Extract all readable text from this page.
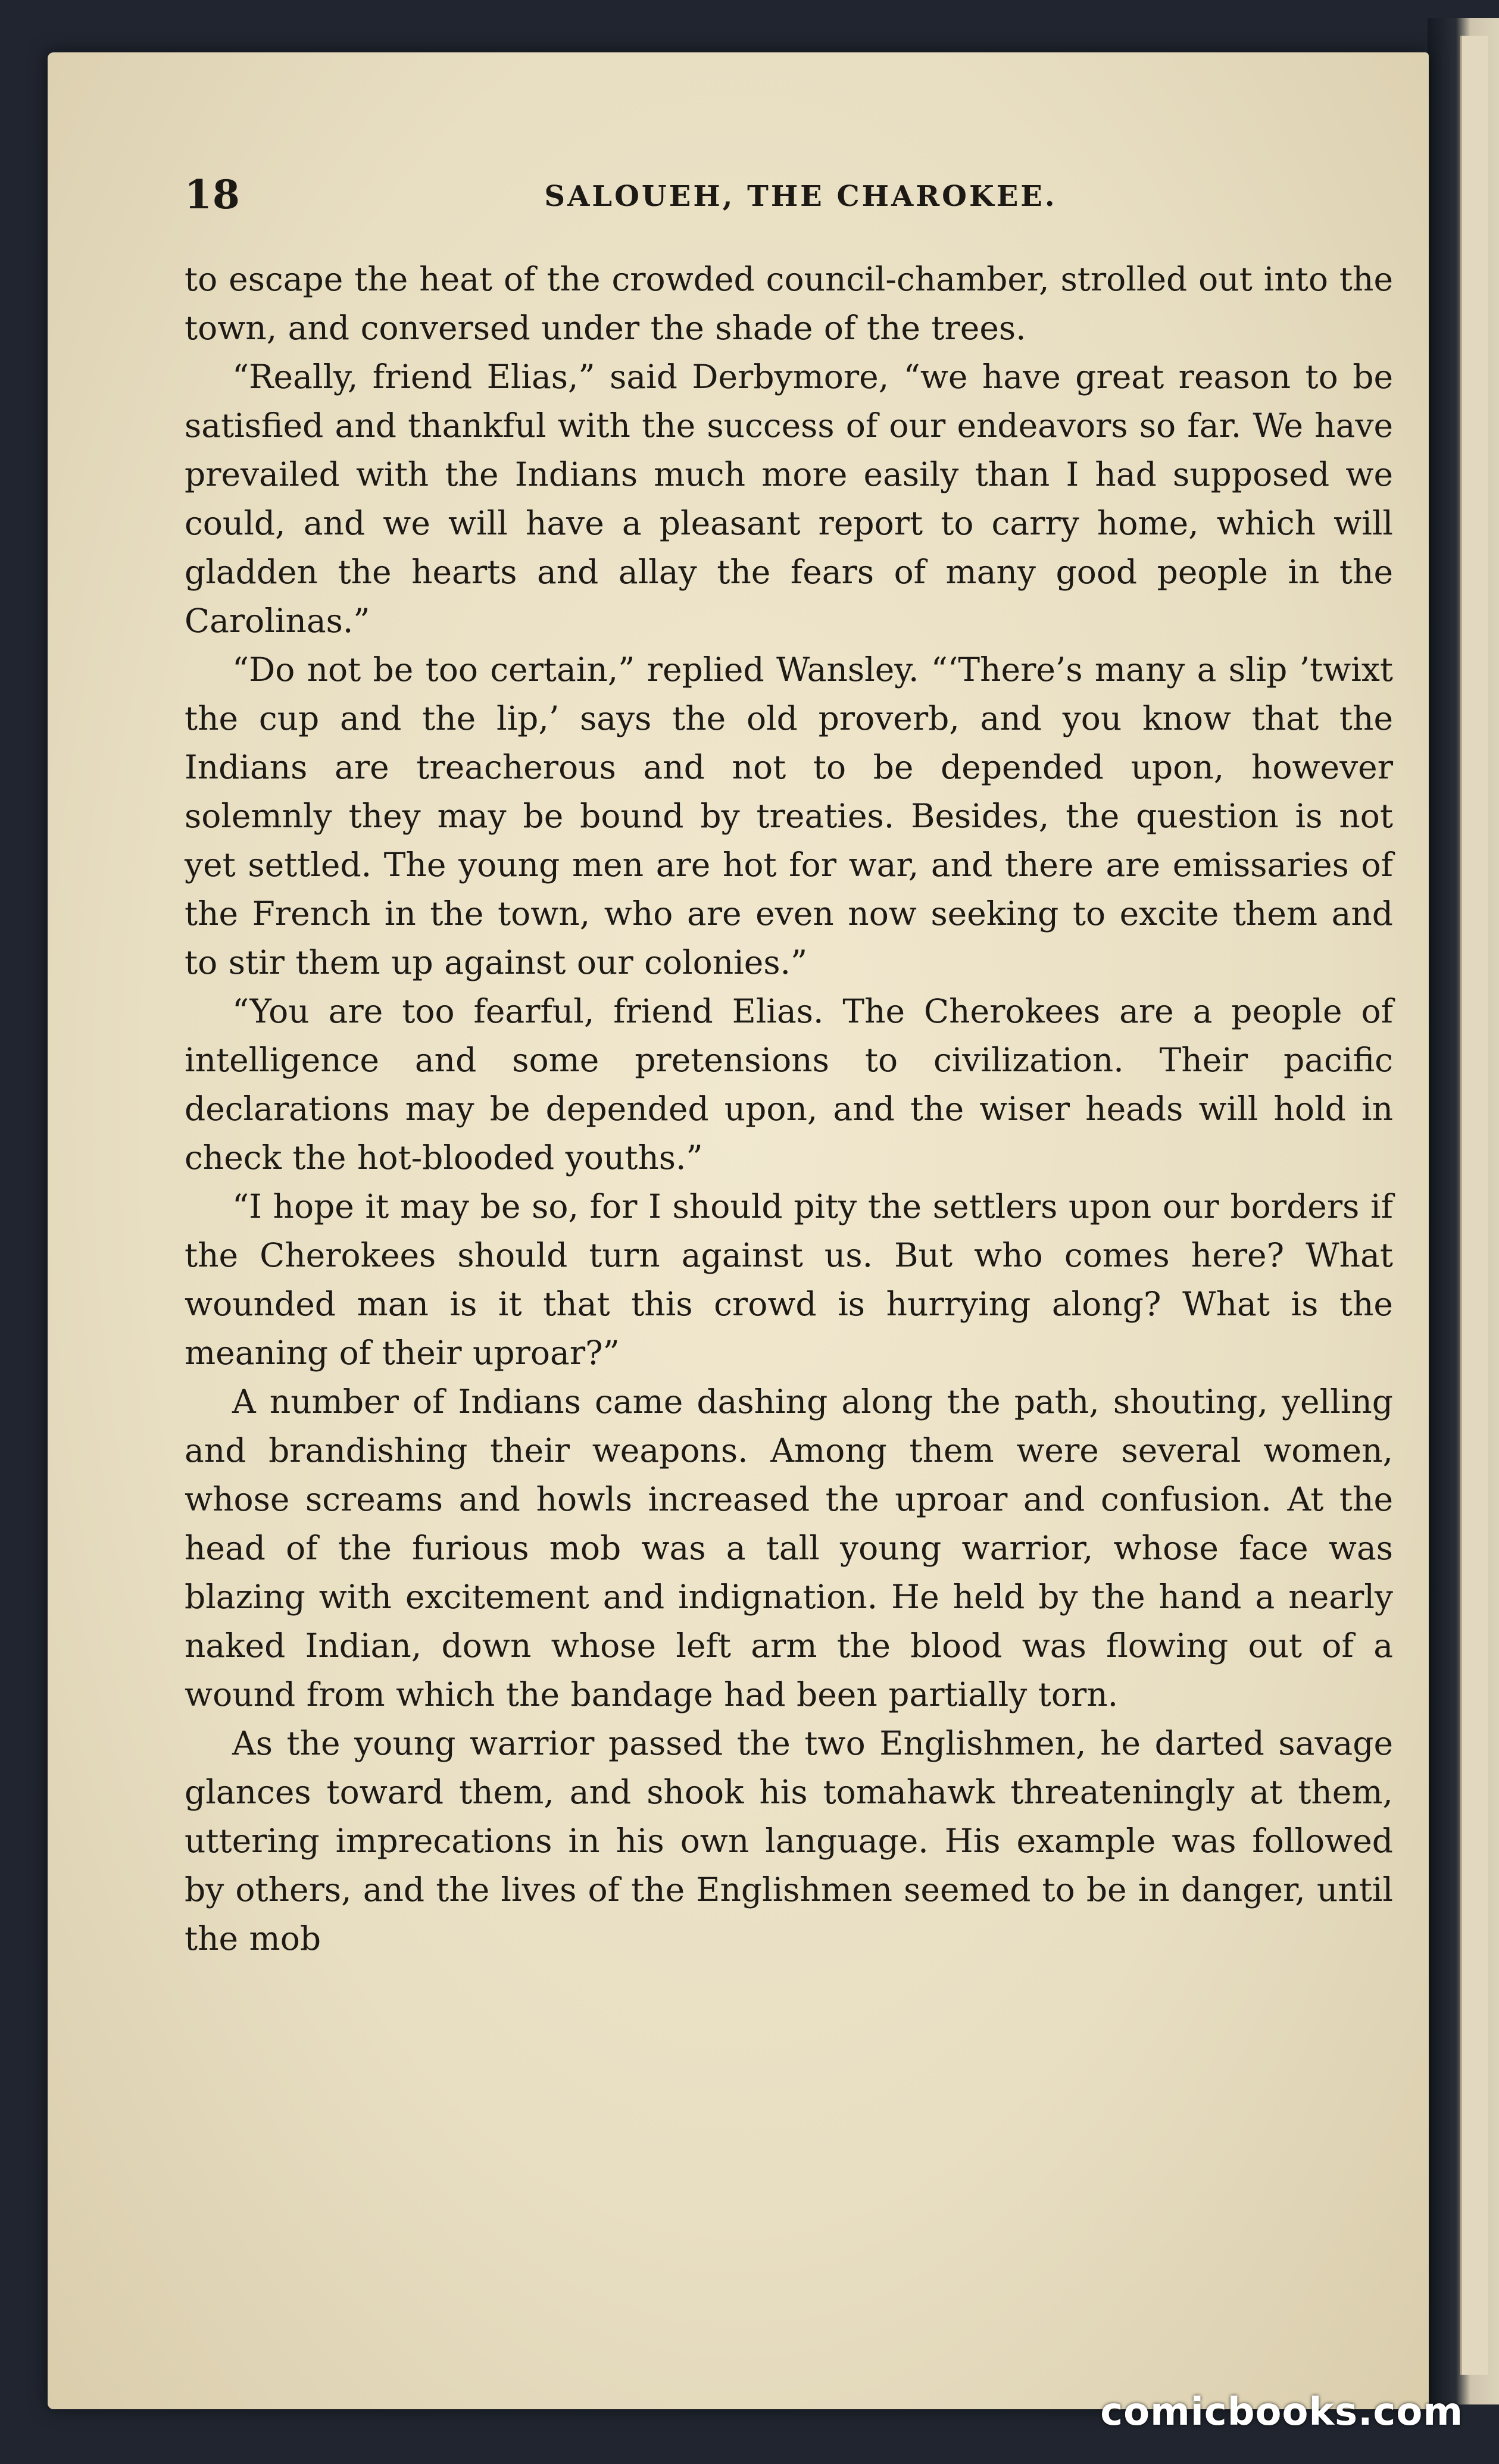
18	SALOUEH, THE CHAROKEE.

to escape the heat of the crowded council-chamber, strolled out into the town, and conversed under the shade of the trees.

“Really, friend Elias,” said Derbymore, “we have great reason to be satisfied and thankful with the success of our endeavors so far. We have prevailed with the Indians much more easily than I had supposed we could, and we will have a pleasant report to carry home, which will gladden the hearts and allay the fears of many good people in the Carolinas.”

“Do not be too certain,” replied Wansley. “‘There’s many a slip ’twixt the cup and the lip,’ says the old proverb, and you know that the Indians are treacherous and not to be depended upon, however solemnly they may be bound by treaties. Besides, the question is not yet settled. The young men are hot for war, and there are emissaries of the French in the town, who are even now seeking to excite them and to stir them up against our colonies.”

“You are too fearful, friend Elias. The Cherokees are a people of intelligence and some pretensions to civilization. Their pacific declarations may be depended upon, and the wiser heads will hold in check the hot-blooded youths.”

“I hope it may be so, for I should pity the settlers upon our borders if the Cherokees should turn against us. But who comes here? What wounded man is it that this crowd is hurrying along? What is the meaning of their uproar?”

A number of Indians came dashing along the path, shouting, yelling and brandishing their weapons. Among them were several women, whose screams and howls increased the uproar and confusion. At the head of the furious mob was a tall young warrior, whose face was blazing with excitement and indignation. He held by the hand a nearly naked Indian, down whose left arm the blood was flowing out of a wound from which the bandage had been partially torn.

As the young warrior passed the two Englishmen, he darted savage glances toward them, and shook his tomahawk threateningly at them, uttering imprecations in his own language. His example was followed by others, and the lives of the Englishmen seemed to be in danger, until the mob

comicbooks.com
